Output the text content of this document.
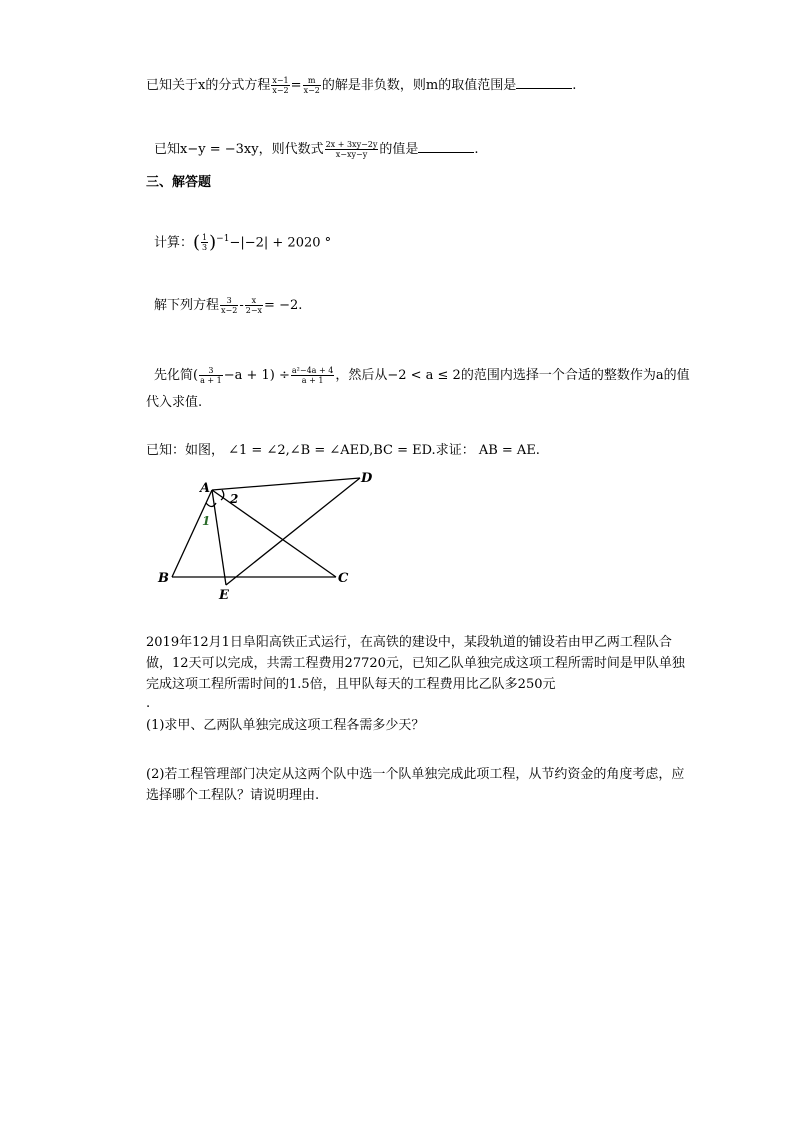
已知关于x的分式方程 $\frac{x-1}{x-2} = \frac{m}{x-2}$ 的解是非负数，则m的取值范围是	.
已知x−y = −3xy，则代数式 $\frac{2x + 3xy-2y}{x-xy-y}$ 的值是	.
三、解答题
计算：( $\frac{1}{3} )^{-1}-|-2| + 2020$ °
解下列方程 $\frac{3}{x-2} - \frac{x}{2-x} = -2$.
先化简( $\frac{3}{a + 1} -a + 1) \div \frac{\text{a²−4a + 4}}{a + 1}$ ，然后从−2 < a ≤ 2的范围内选择一个合适的整数作为a的值
代入求值.
已知：如图， ∠1 = ∠2,∠B = ∠AED,BC = ED.求证： AB = AE.
A
D
B	C
E
1
2
2019年12月1日阜阳高铁正式运行，在高铁的建设中，某段轨道的铺设若由甲乙两工程队合做，12天可以完成，共需工程费用27720元，已知乙队单独完成这项工程所需时间是甲队单独完成这项工程所需时间的1.5倍，且甲队每天的工程费用比乙队多250元
.
(1)求甲、乙两队单独完成这项工程各需多少天？
(2)若工程管理部门决定从这两个队中选一个队单独完成此项工程，从节约资金的角度考虑，应选择哪个工程队？请说明理由.
